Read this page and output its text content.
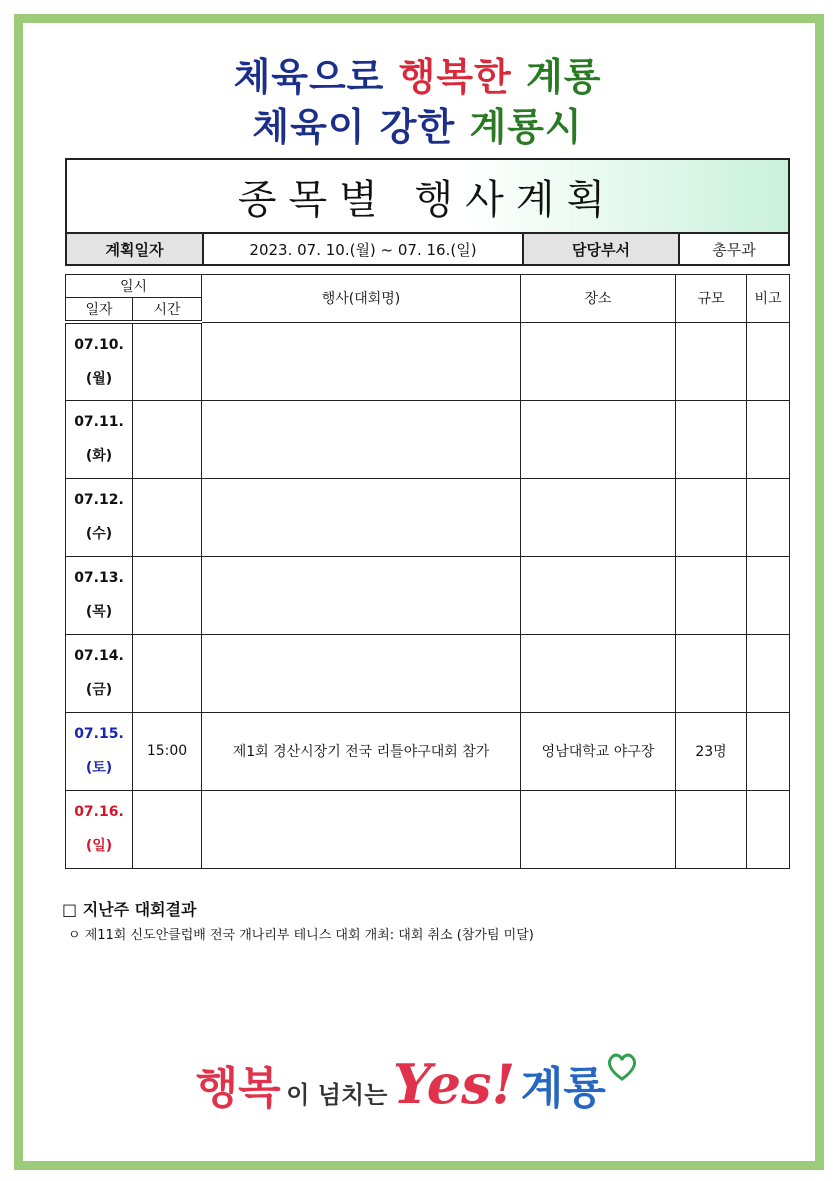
체육으로 행복한 계룡
체육이 강한 계룡시
종목별 행사계획
계획일자	2023. 07. 10.(월) ~ 07. 16.(일)	담당부서	총무과
일시		행사(대회명)	장소	규모	비고
일자	시간				

07.10.
(월)					

07.11.
(화)					

07.12.
(수)					

07.13.
(목)					

07.14.
(금)					

07.15.
(토)	15:00	제1회 경산시장기 전국 리틀야구대회 참가	영남대학교 야구장	23명	

07.16.
(일)					

□ 지난주 대회결과
ㅇ 제11회 신도안클럽배 전국 개나리부 테니스 대회 개최: 대회 취소 (참가팀 미달)
행복 이 넘치는 Yes! 계룡
